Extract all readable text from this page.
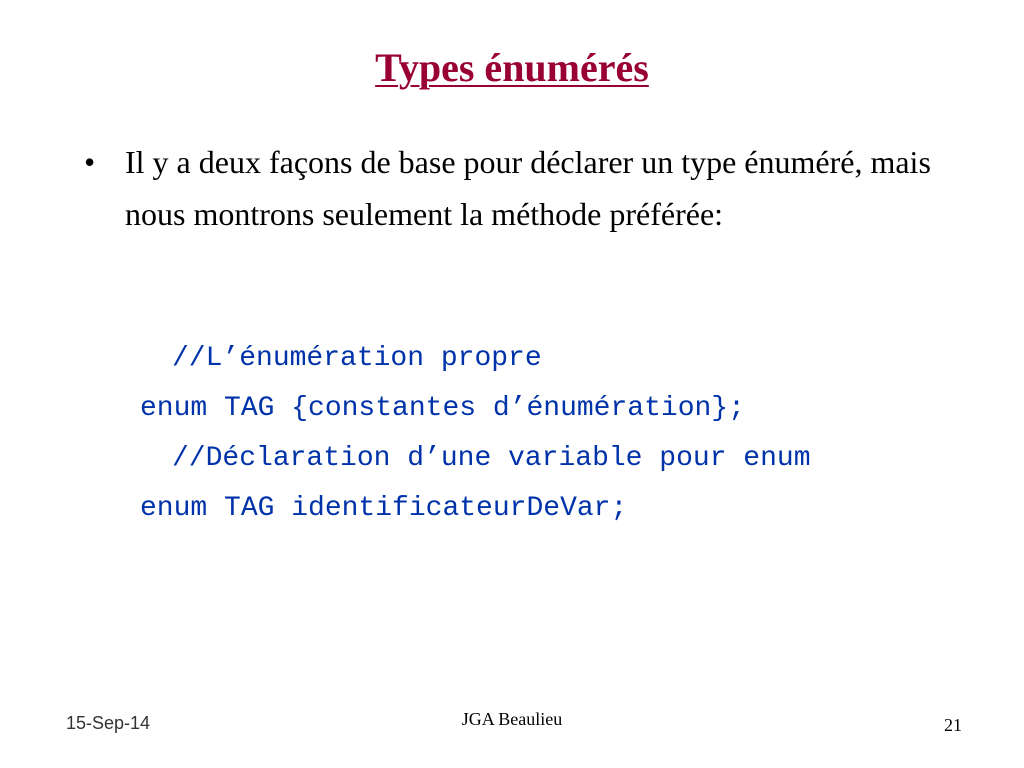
Types énumérés
• Il y a deux façons de base pour déclarer un type énuméré, mais nous montrons seulement la méthode préférée:

//L’énumération propre

enum TAG {constantes d’énumération};

//Déclaration d’une variable pour enum

enum TAG identificateurDeVar;

15-Sep-14	JGA Beaulieu	21
